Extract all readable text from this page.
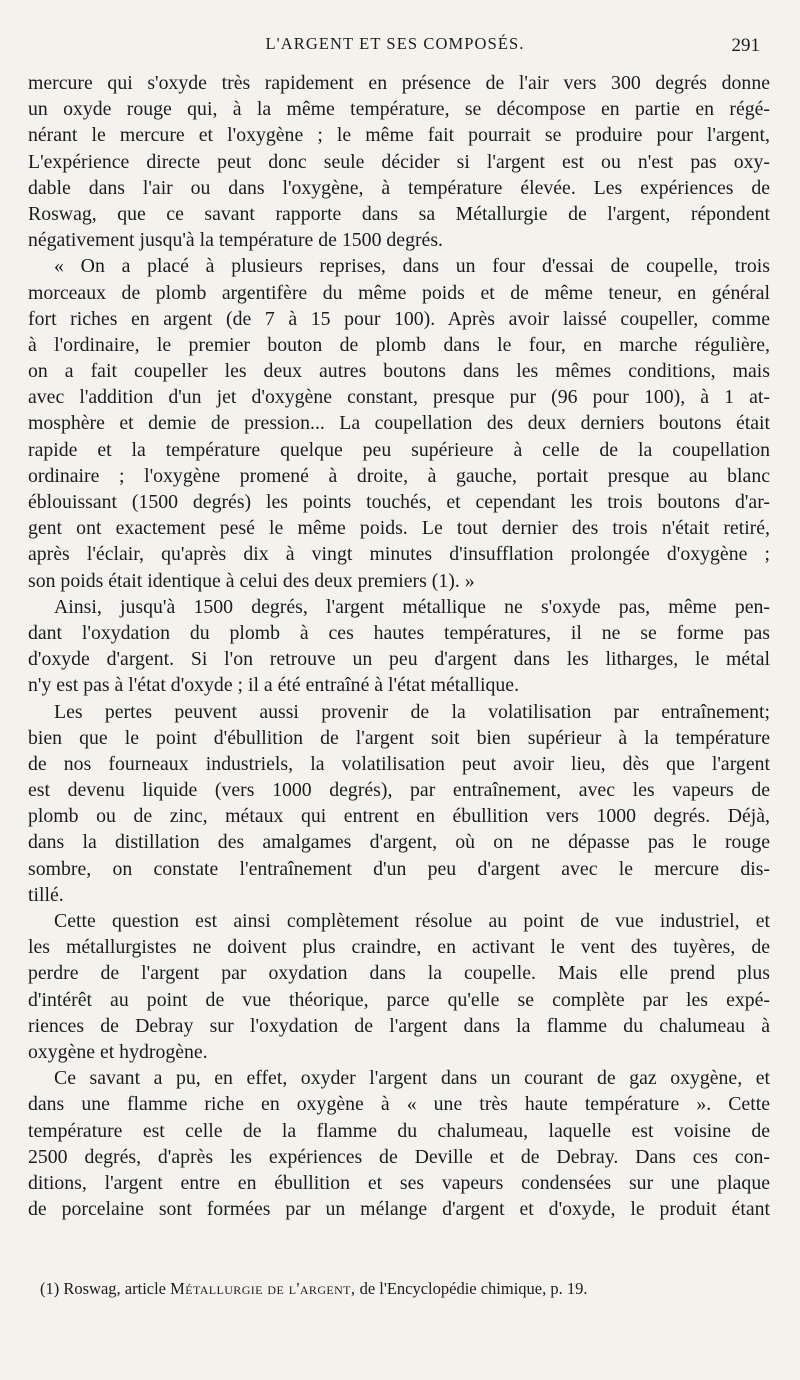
L'ARGENT ET SES COMPOSÉS.	291
mercure qui s'oxyde très rapidement en présence de l'air vers 300 degrés donne
un oxyde rouge qui, à la même température, se décompose en partie en régé-
nérant le mercure et l'oxygène ; le même fait pourrait se produire pour l'argent,
L'expérience directe peut donc seule décider si l'argent est ou n'est pas oxy-
dable dans l'air ou dans l'oxygène, à température élevée. Les expériences de
Roswag, que ce savant rapporte dans sa Métallurgie de l'argent, répondent
négativement jusqu'à la température de 1500 degrés.
« On a placé à plusieurs reprises, dans un four d'essai de coupelle, trois
morceaux de plomb argentifère du même poids et de même teneur, en général
fort riches en argent (de 7 à 15 pour 100). Après avoir laissé coupeller, comme
à l'ordinaire, le premier bouton de plomb dans le four, en marche régulière,
on a fait coupeller les deux autres boutons dans les mêmes conditions, mais
avec l'addition d'un jet d'oxygène constant, presque pur (96 pour 100), à 1 at-
mosphère et demie de pression... La coupellation des deux derniers boutons était
rapide et la température quelque peu supérieure à celle de la coupellation
ordinaire ; l'oxygène promené à droite, à gauche, portait presque au blanc
éblouissant (1500 degrés) les points touchés, et cependant les trois boutons d'ar-
gent ont exactement pesé le même poids. Le tout dernier des trois n'était retiré,
après l'éclair, qu'après dix à vingt minutes d'insufflation prolongée d'oxygène ;
son poids était identique à celui des deux premiers (1). »
Ainsi, jusqu'à 1500 degrés, l'argent métallique ne s'oxyde pas, même pen-
dant l'oxydation du plomb à ces hautes températures, il ne se forme pas
d'oxyde d'argent. Si l'on retrouve un peu d'argent dans les litharges, le métal
n'y est pas à l'état d'oxyde ; il a été entraîné à l'état métallique.
Les pertes peuvent aussi provenir de la volatilisation par entraînement;
bien que le point d'ébullition de l'argent soit bien supérieur à la température
de nos fourneaux industriels, la volatilisation peut avoir lieu, dès que l'argent
est devenu liquide (vers 1000 degrés), par entraînement, avec les vapeurs de
plomb ou de zinc, métaux qui entrent en ébullition vers 1000 degrés. Déjà,
dans la distillation des amalgames d'argent, où on ne dépasse pas le rouge
sombre, on constate l'entraînement d'un peu d'argent avec le mercure dis-
tillé.
Cette question est ainsi complètement résolue au point de vue industriel, et
les métallurgistes ne doivent plus craindre, en activant le vent des tuyères, de
perdre de l'argent par oxydation dans la coupelle. Mais elle prend plus
d'intérêt au point de vue théorique, parce qu'elle se complète par les expé-
riences de Debray sur l'oxydation de l'argent dans la flamme du chalumeau à
oxygène et hydrogène.
Ce savant a pu, en effet, oxyder l'argent dans un courant de gaz oxygène, et
dans une flamme riche en oxygène à « une très haute température ». Cette
température est celle de la flamme du chalumeau, laquelle est voisine de
2500 degrés, d'après les expériences de Deville et de Debray. Dans ces con-
ditions, l'argent entre en ébullition et ses vapeurs condensées sur une plaque
de porcelaine sont formées par un mélange d'argent et d'oxyde, le produit étant
(1) Roswag, article Métallurgie de l'argent, de l'Encyclopédie chimique, p. 19.
